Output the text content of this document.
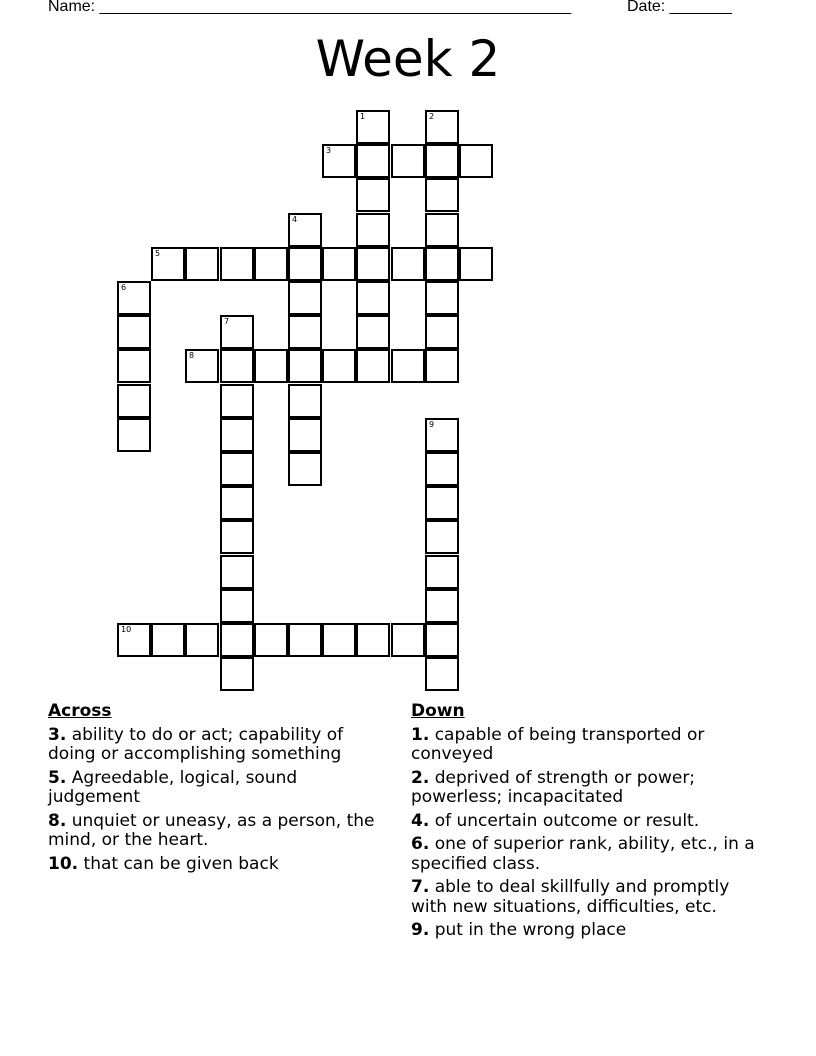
Name: _____________________________________________________	Date: _______
Week 2
1	2
3
4
5
6
7
8
9
10
Across
3. ability to do or act; capability of doing or accomplishing something
5. Agreedable, logical, sound judgement
8. unquiet or uneasy, as a person, the mind, or the heart.
10. that can be given back
Down
1. capable of being transported or conveyed
2. deprived of strength or power; powerless; incapacitated
4. of uncertain outcome or result.
6. one of superior rank, ability, etc., in a specified class.
7. able to deal skillfully and promptly with new situations, difficulties, etc.
9. put in the wrong place
